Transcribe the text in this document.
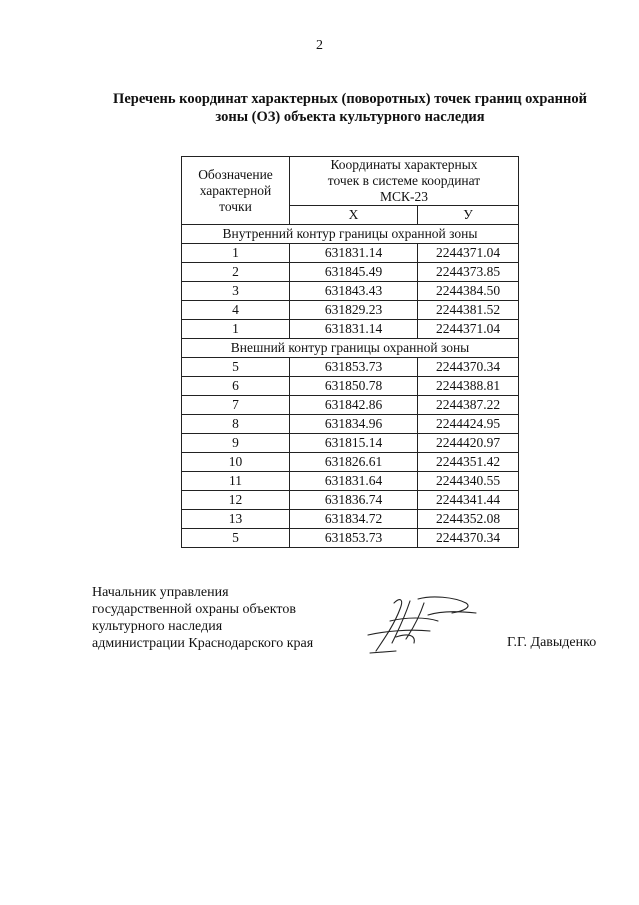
2
Перечень координат характерных (поворотных) точек границ охранной
зоны (ОЗ) объекта культурного наследия
Обозначение
характерной
точки	Координаты характерных
точек в системе координат
МСК-23	

	X	У
Внутренний контур границы охранной зоны		
1	631831.14	2244371.04
2	631845.49	2244373.85
3	631843.43	2244384.50
4	631829.23	2244381.52
1	631831.14	2244371.04
Внешний контур границы охранной зоны		
5	631853.73	2244370.34
6	631850.78	2244388.81
7	631842.86	2244387.22
8	631834.96	2244424.95
9	631815.14	2244420.97
10	631826.61	2244351.42
11	631831.64	2244340.55
12	631836.74	2244341.44
13	631834.72	2244352.08
5	631853.73	2244370.34
Начальник управления
государственной охраны объектов
культурного наследия
администрации Краснодарского края	Г.Г. Давыденко
